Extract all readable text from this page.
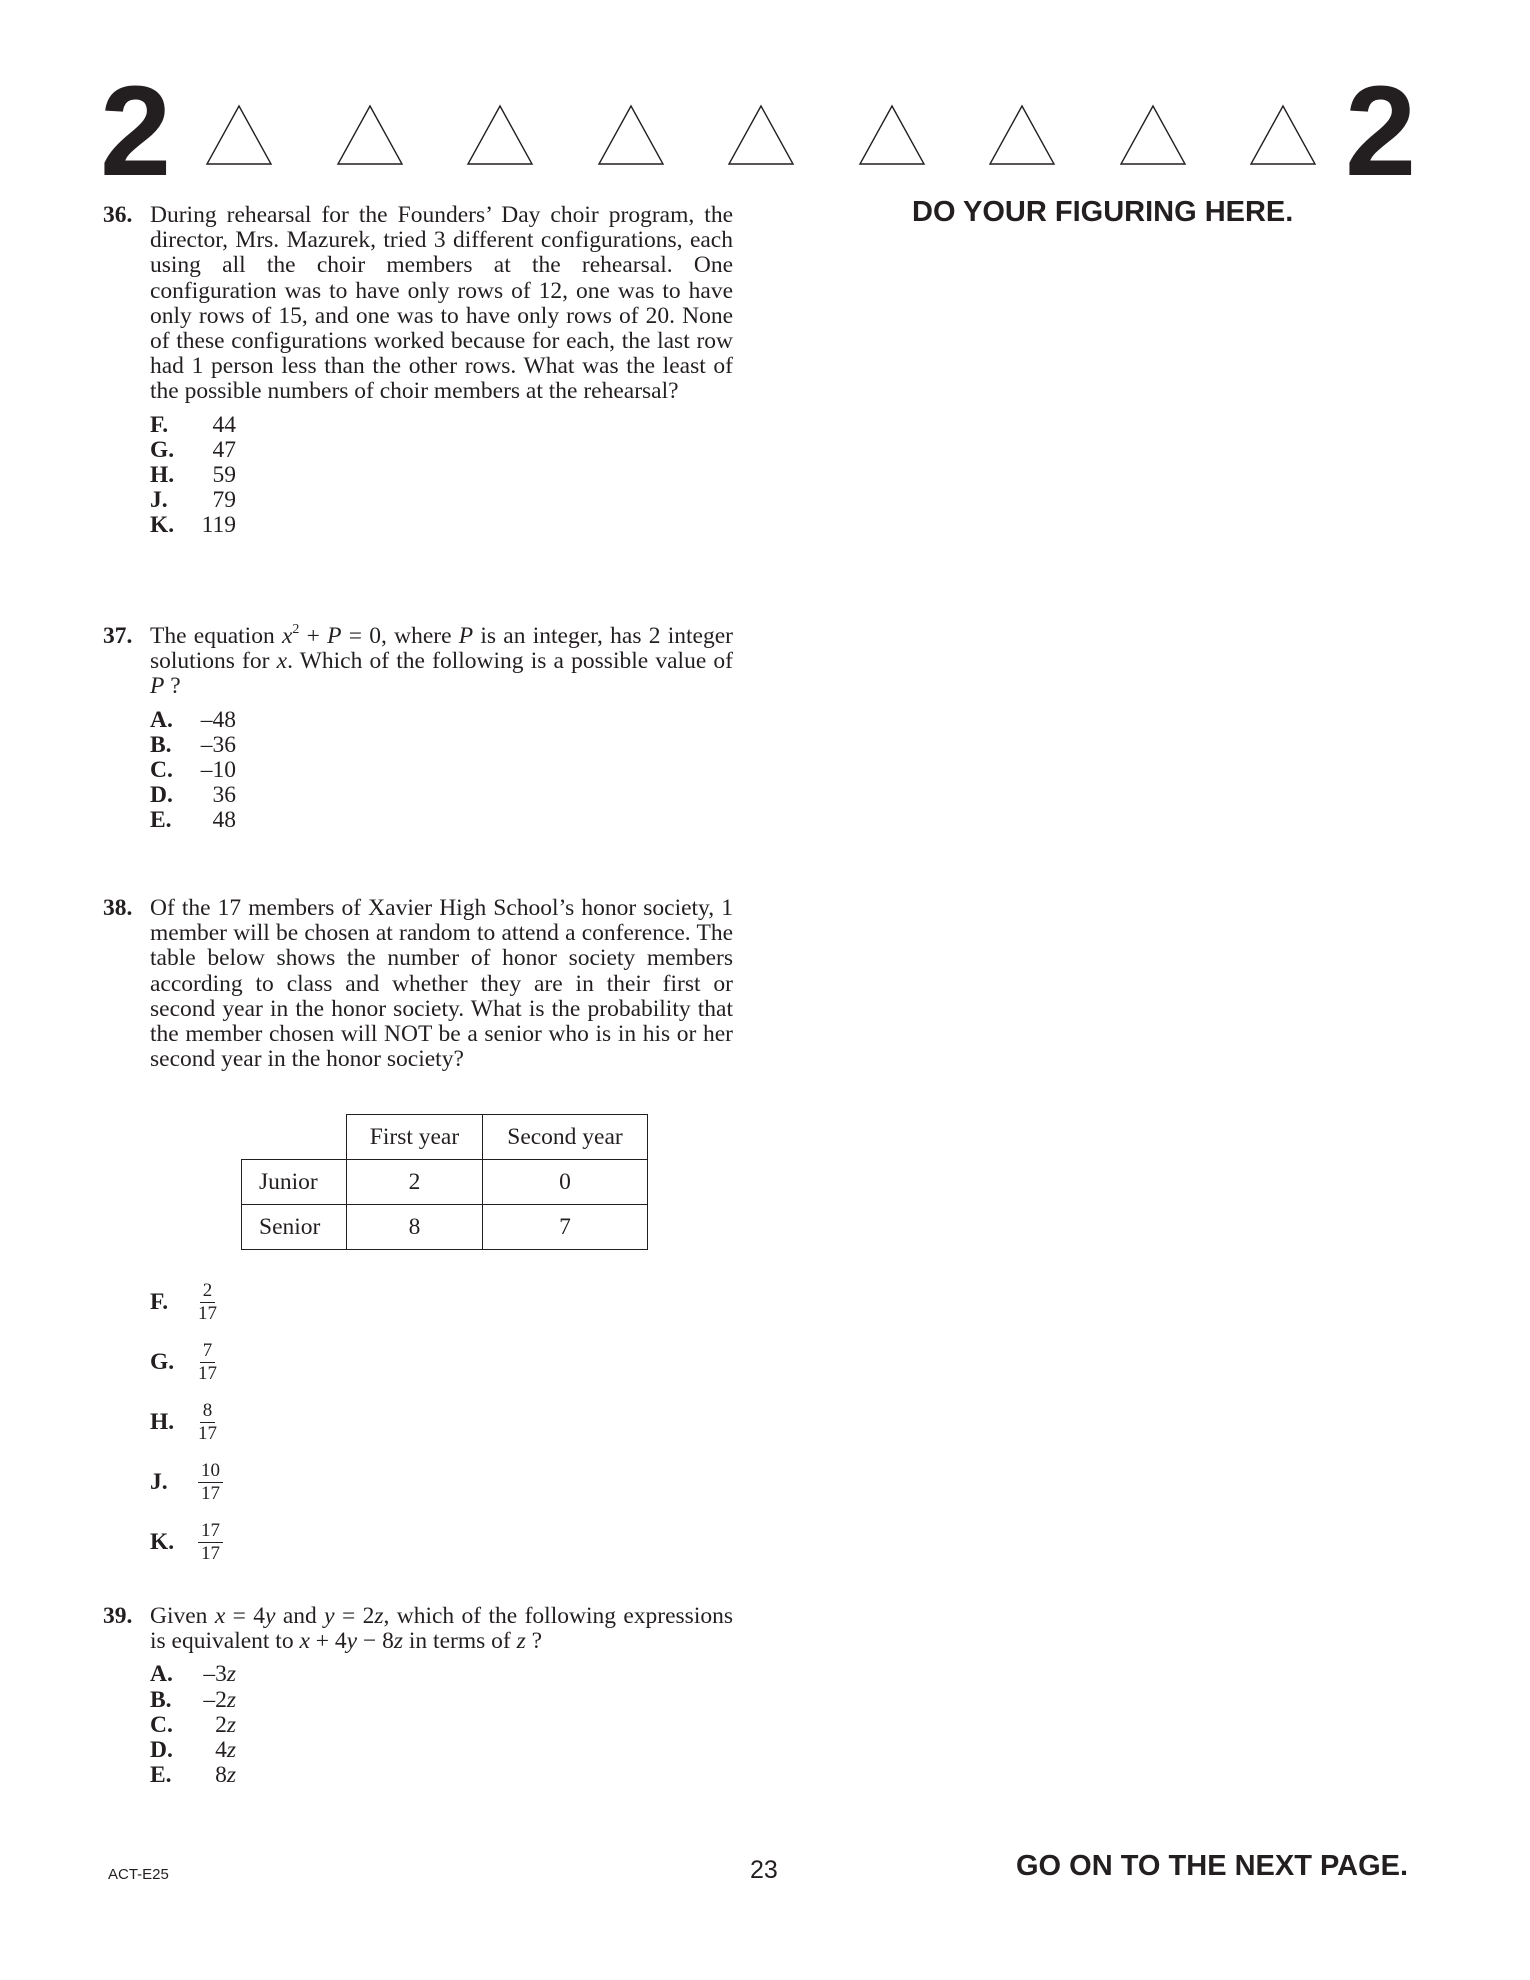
2	2
DO YOUR FIGURING HERE.
36. During rehearsal for the Founders’ Day choir program, the director, Mrs. Mazurek, tried 3 different configurations, each using all the choir members at the rehearsal. One configuration was to have only rows of 12, one was to have only rows of 15, and one was to have only rows of 20. None of these configurations worked because for each, the last row had 1 person less than the other rows. What was the least of the possible numbers of choir members at the rehearsal?
F.	44
G.	47
H.	59
J.	79
K.	119
37. The equation $x^2 + P = 0$, where P is an integer, has 2 integer solutions for x. Which of the following is a possible value of P ?
A.	–48
B.	–36
C.	–10
D.	36
E.	48
38. Of the 17 members of Xavier High School’s honor society, 1 member will be chosen at random to attend a conference. The table below shows the number of honor society members according to class and whether they are in their first or second year in the honor society. What is the probability that the member chosen will NOT be a senior who is in his or her second year in the honor society?
	First year	Second year
Junior	2	0
Senior	8	7
F.	$\frac{2}{17}$
G.	$\frac{7}{17}$
H.	$\frac{8}{17}$
J.	$\frac{10}{17}$
K.	$\frac{17}{17}$
39. Given x = 4y and y = 2z, which of the following expressions is equivalent to x + 4y − 8z in terms of z ?
A.	–3z
B.	–2z
C.	2z
D.	4z
E.	8z
ACT-E25	23	GO ON TO THE NEXT PAGE.
